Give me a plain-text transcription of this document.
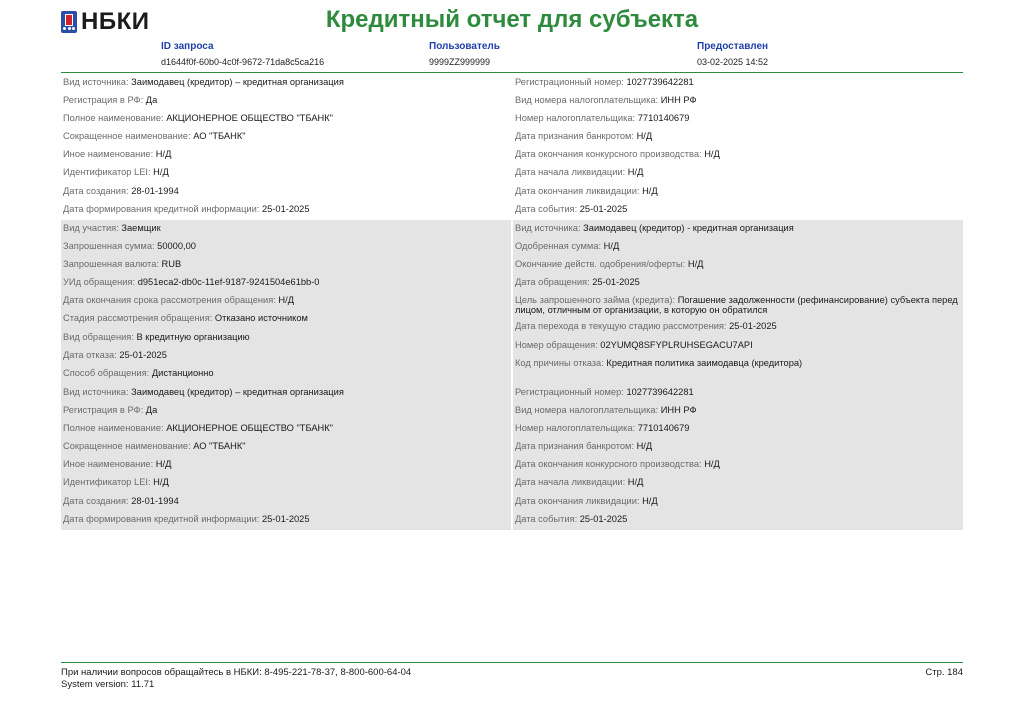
НБКИ	Кредитный отчет для субъекта
ID запроса
d1644f0f-60b0-4c0f-9672-71da8c5ca216
Пользователь
9999ZZ999999
Предоставлен
03-02-2025 14:52
Вид источника: Заимодавец (кредитор) – кредитная организация
Регистрация в РФ: Да
Полное наименование: АКЦИОНЕРНОЕ ОБЩЕСТВО "ТБАНК"
Сокращенное наименование: АО "ТБАНК"
Иное наименование: Н/Д
Идентификатор LEI: Н/Д
Дата создания: 28-01-1994
Дата формирования кредитной информации: 25-01-2025
Регистрационный номер: 1027739642281
Вид номера налогоплательщика: ИНН РФ
Номер налогоплательщика: 7710140679
Дата признания банкротом: Н/Д
Дата окончания конкурсного производства: Н/Д
Дата начала ликвидации: Н/Д
Дата окончания ликвидации: Н/Д
Дата события: 25-01-2025
Вид участия: Заемщик
Запрошенная сумма: 50000,00
Запрошенная валюта: RUB
УИд обращения: d951eca2-db0c-11ef-9187-9241504e61bb-0
Дата окончания срока рассмотрения обращения: Н/Д
Стадия рассмотрения обращения: Отказано источником
Вид обращения: В кредитную организацию
Дата отказа: 25-01-2025
Способ обращения: Дистанционно
Вид источника: Заимодавец (кредитор) - кредитная организация
Одобренная сумма: Н/Д
Окончание действ. одобрения/оферты: Н/Д
Дата обращения: 25-01-2025
Цель запрошенного займа (кредита): Погашение задолженности (рефинансирование) субъекта перед лицом, отличным от организации, в которую он обратился
Дата перехода в текущую стадию рассмотрения: 25-01-2025
Номер обращения: 02YUMQ8SFYPLRUHSEGACU7API
Код причины отказа: Кредитная политика заимодавца (кредитора)
Вид источника: Заимодавец (кредитор) – кредитная организация
Регистрация в РФ: Да
Полное наименование: АКЦИОНЕРНОЕ ОБЩЕСТВО "ТБАНК"
Сокращенное наименование: АО "ТБАНК"
Иное наименование: Н/Д
Идентификатор LEI: Н/Д
Дата создания: 28-01-1994
Дата формирования кредитной информации: 25-01-2025
Регистрационный номер: 1027739642281
Вид номера налогоплательщика: ИНН РФ
Номер налогоплательщика: 7710140679
Дата признания банкротом: Н/Д
Дата окончания конкурсного производства: Н/Д
Дата начала ликвидации: Н/Д
Дата окончания ликвидации: Н/Д
Дата события: 25-01-2025
При наличии вопросов обращайтесь в НБКИ: 8-495-221-78-37, 8-800-600-64-04
System version: 11.71
Стр. 184
